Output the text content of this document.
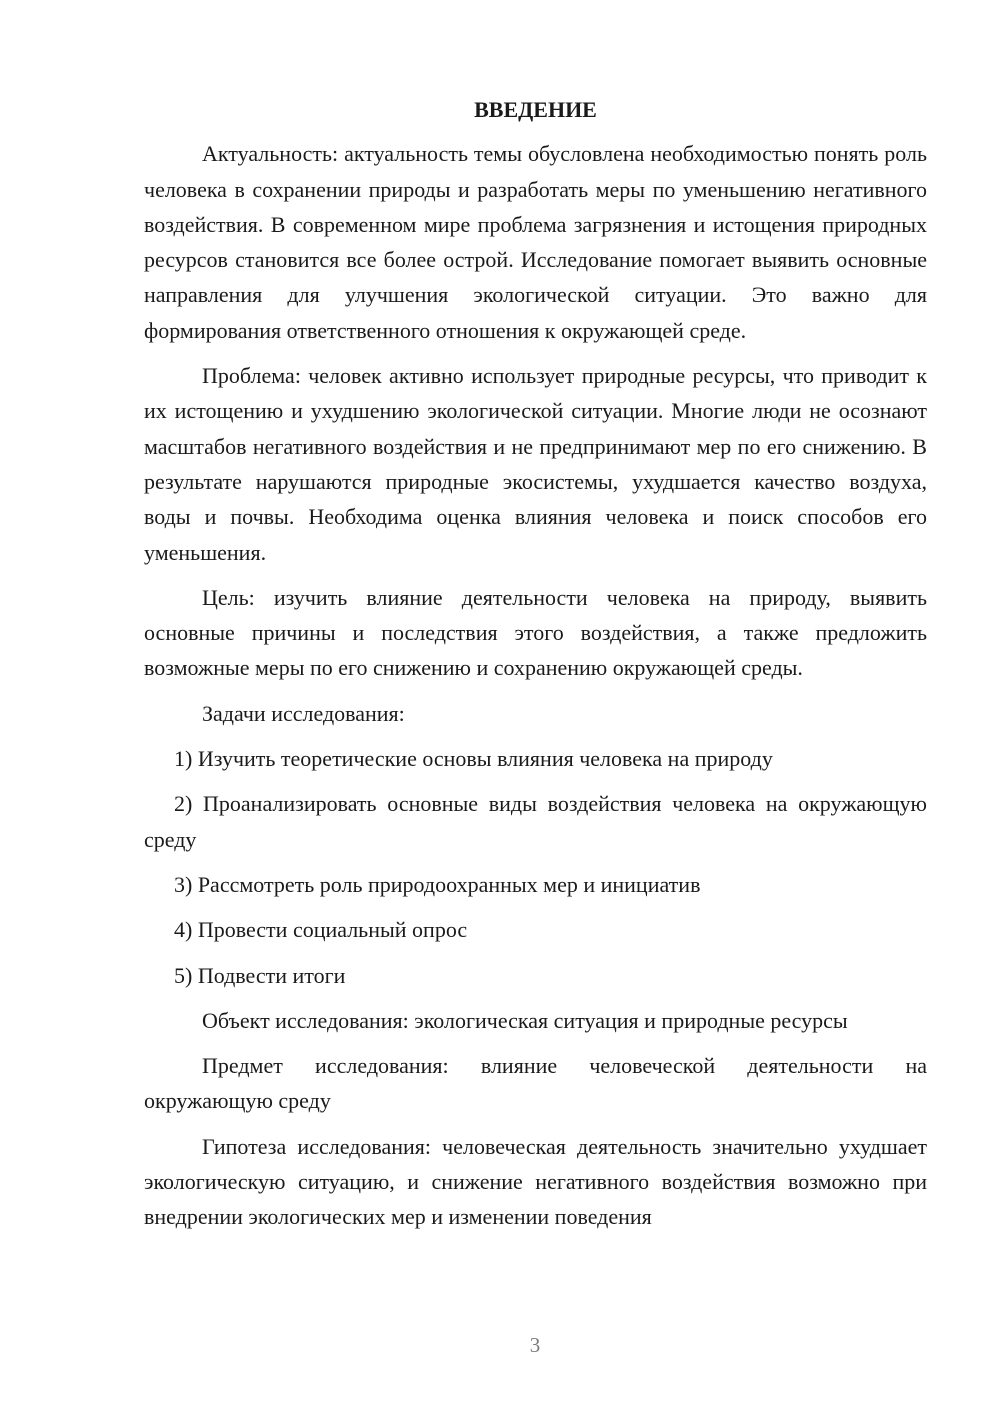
ВВЕДЕНИЕ

Актуальность: актуальность темы обусловлена необходимостью понять роль человека в сохранении природы и разработать меры по уменьшению негативного воздействия. В современном мире проблема загрязнения и истощения природных ресурсов становится все более острой. Исследование помогает выявить основные направления для улучшения экологической ситуации. Это важно для формирования ответственного отношения к окружающей среде.

Проблема: человек активно использует природные ресурсы, что приводит к их истощению и ухудшению экологической ситуации. Многие люди не осознают масштабов негативного воздействия и не предпринимают мер по его снижению. В результате нарушаются природные экосистемы, ухудшается качество воздуха, воды и почвы. Необходима оценка влияния человека и поиск способов его уменьшения.

Цель: изучить влияние деятельности человека на природу, выявить основные причины и последствия этого воздействия, а также предложить возможные меры по его снижению и сохранению окружающей среды.

Задачи исследования:

1) Изучить теоретические основы влияния человека на природу

2) Проанализировать основные виды воздействия человека на окружающую среду

3) Рассмотреть роль природоохранных мер и инициатив

4) Провести социальный опрос

5) Подвести итоги

Объект исследования: экологическая ситуация и природные ресурсы

Предмет исследования: влияние человеческой деятельности на окружающую среду

Гипотеза исследования: человеческая деятельность значительно ухудшает экологическую ситуацию, и снижение негативного воздействия возможно при внедрении экологических мер и изменении поведения

3
